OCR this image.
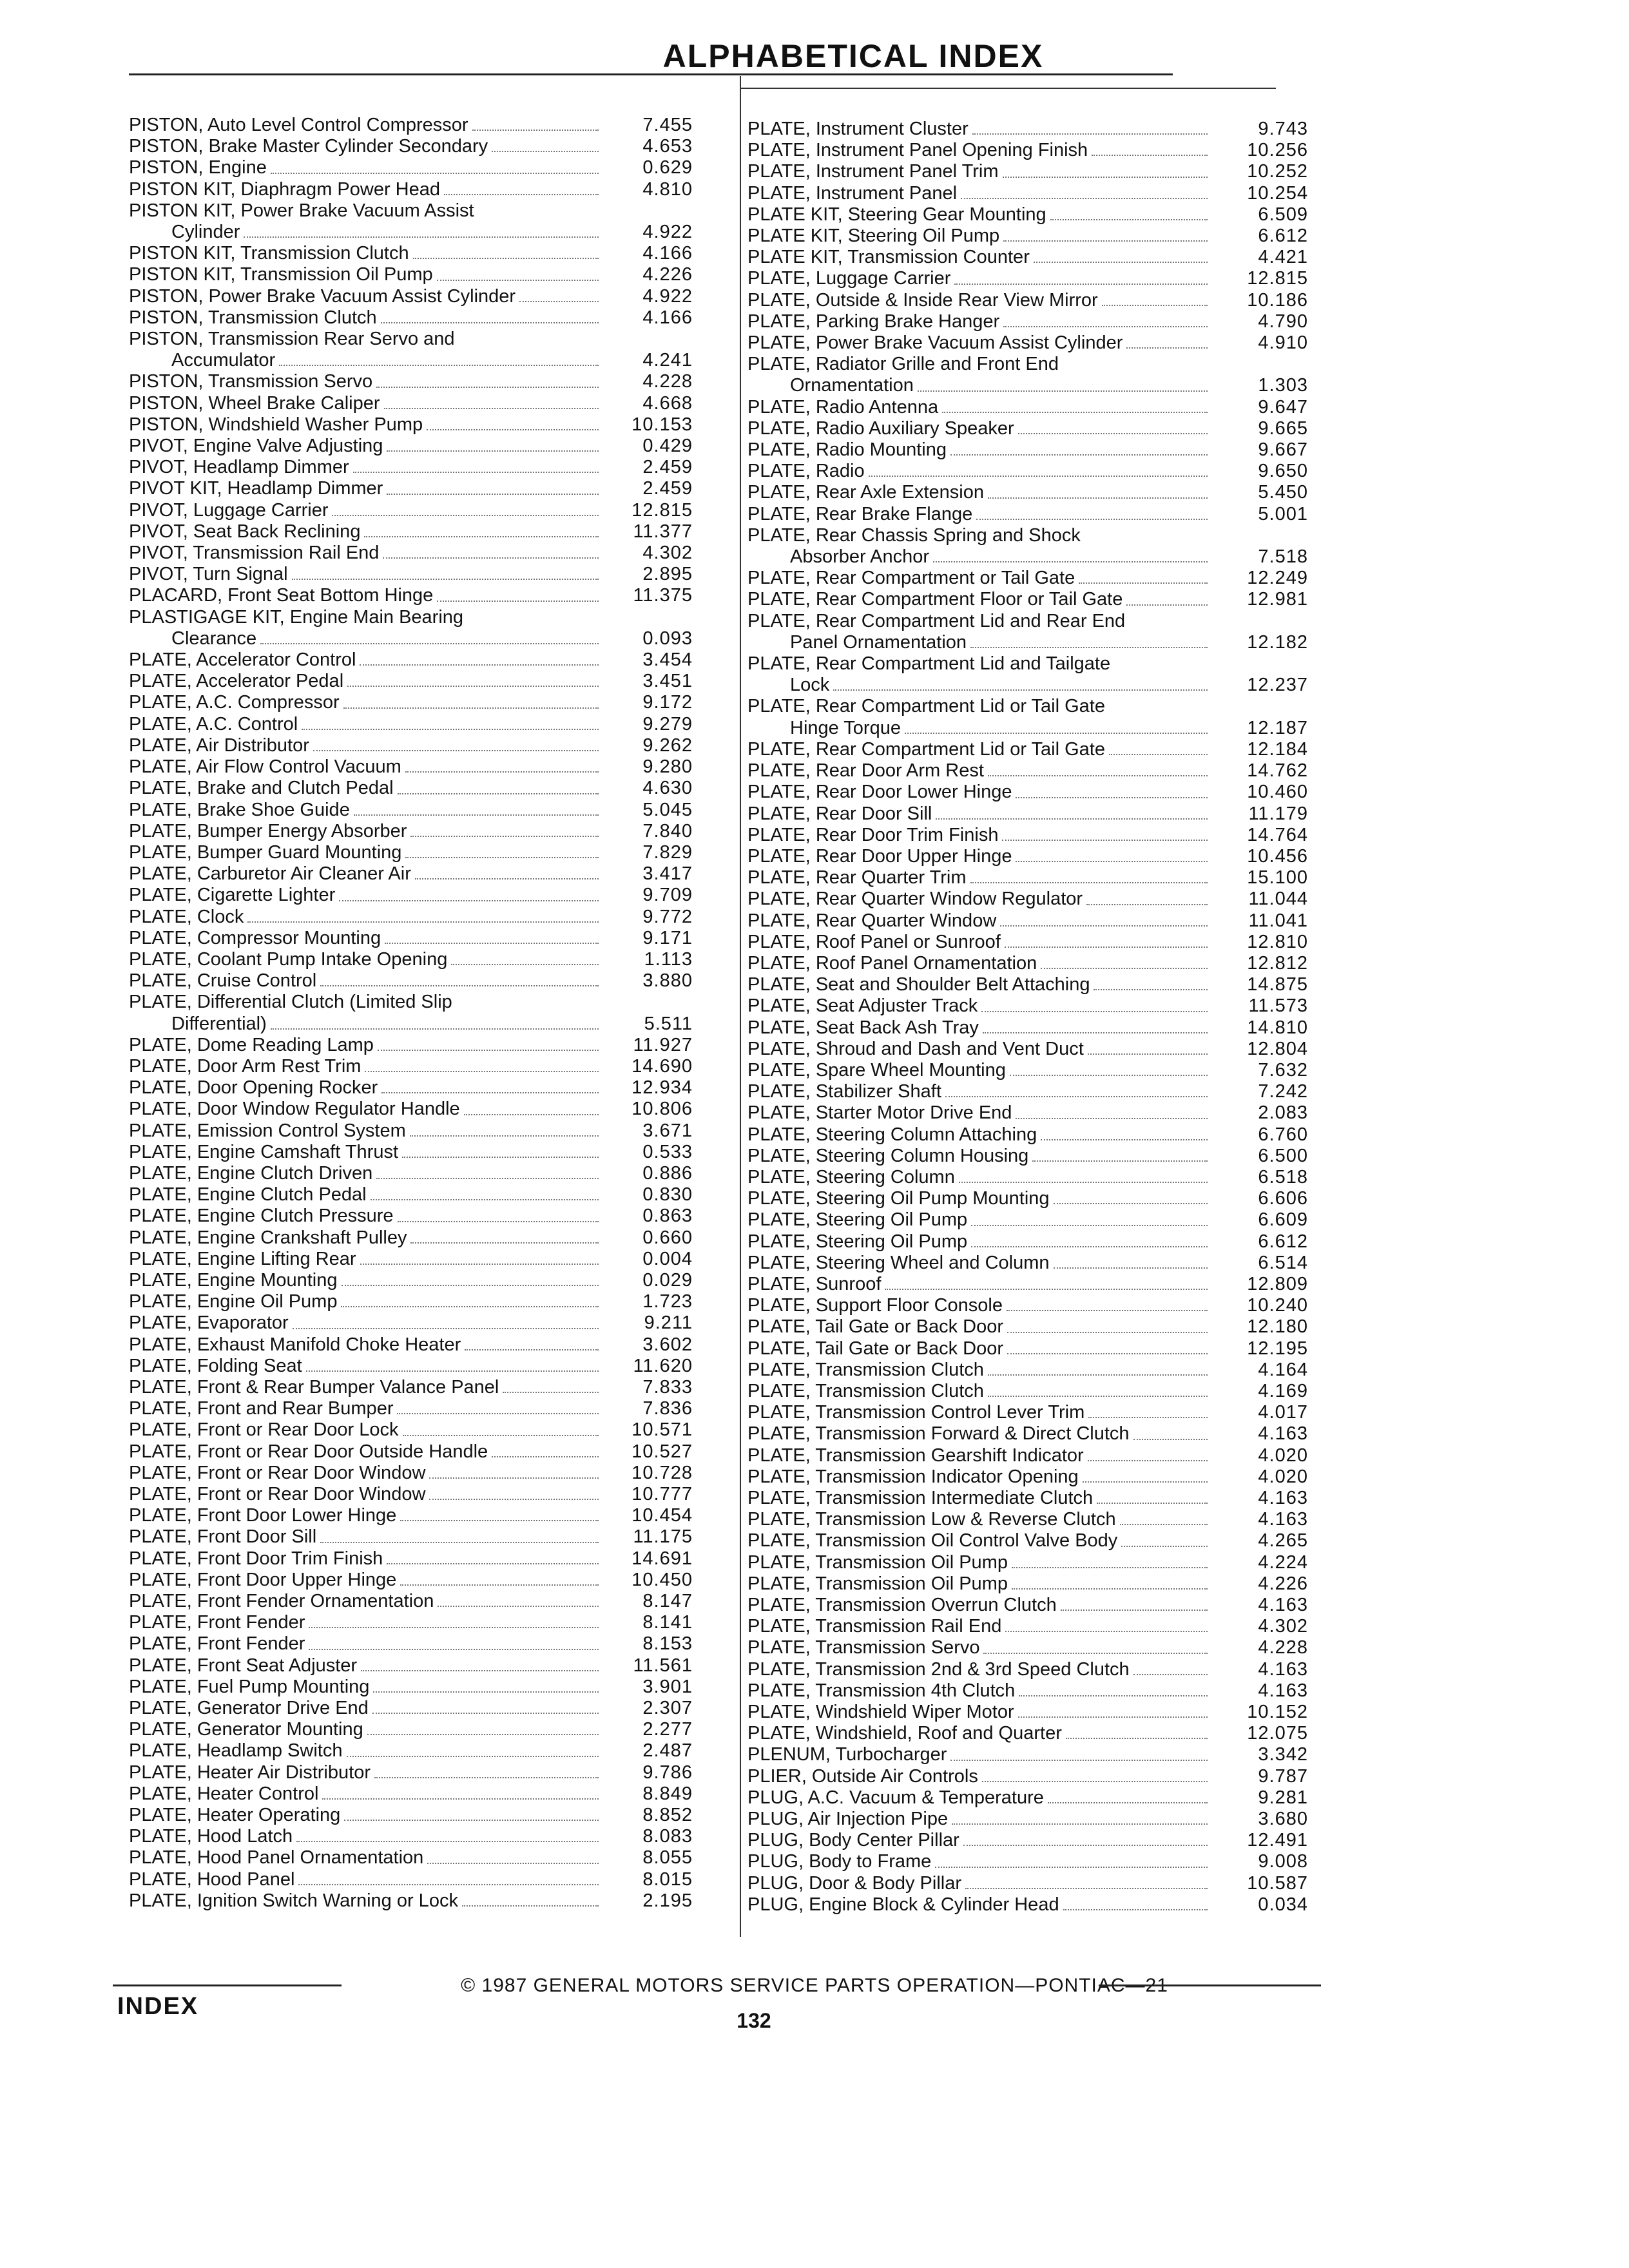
ALPHABETICAL INDEX
PISTON, Auto Level Control Compressor	7.455
PISTON, Brake Master Cylinder Secondary	4.653
PISTON, Engine	0.629
PISTON KIT, Diaphragm Power Head	4.810
PISTON KIT, Power Brake Vacuum Assist
Cylinder	4.922
PISTON KIT, Transmission Clutch	4.166
PISTON KIT, Transmission Oil Pump	4.226
PISTON, Power Brake Vacuum Assist Cylinder	4.922
PISTON, Transmission Clutch	4.166
PISTON, Transmission Rear Servo and
Accumulator	4.241
PISTON, Transmission Servo	4.228
PISTON, Wheel Brake Caliper	4.668
PISTON, Windshield Washer Pump	10.153
PIVOT, Engine Valve Adjusting	0.429
PIVOT, Headlamp Dimmer	2.459
PIVOT KIT, Headlamp Dimmer	2.459
PIVOT, Luggage Carrier	12.815
PIVOT, Seat Back Reclining	11.377
PIVOT, Transmission Rail End	4.302
PIVOT, Turn Signal	2.895
PLACARD, Front Seat Bottom Hinge	11.375
PLASTIGAGE KIT, Engine Main Bearing
Clearance	0.093
PLATE, Accelerator Control	3.454
PLATE, Accelerator Pedal	3.451
PLATE, A.C. Compressor	9.172
PLATE, A.C. Control	9.279
PLATE, Air Distributor	9.262
PLATE, Air Flow Control Vacuum	9.280
PLATE, Brake and Clutch Pedal	4.630
PLATE, Brake Shoe Guide	5.045
PLATE, Bumper Energy Absorber	7.840
PLATE, Bumper Guard Mounting	7.829
PLATE, Carburetor Air Cleaner Air	3.417
PLATE, Cigarette Lighter	9.709
PLATE, Clock	9.772
PLATE, Compressor Mounting	9.171
PLATE, Coolant Pump Intake Opening	1.113
PLATE, Cruise Control	3.880
PLATE, Differential Clutch (Limited Slip
Differential)	5.511
PLATE, Dome Reading Lamp	11.927
PLATE, Door Arm Rest Trim	14.690
PLATE, Door Opening Rocker	12.934
PLATE, Door Window Regulator Handle	10.806
PLATE, Emission Control System	3.671
PLATE, Engine Camshaft Thrust	0.533
PLATE, Engine Clutch Driven	0.886
PLATE, Engine Clutch Pedal	0.830
PLATE, Engine Clutch Pressure	0.863
PLATE, Engine Crankshaft Pulley	0.660
PLATE, Engine Lifting Rear	0.004
PLATE, Engine Mounting	0.029
PLATE, Engine Oil Pump	1.723
PLATE, Evaporator	9.211
PLATE, Exhaust Manifold Choke Heater	3.602
PLATE, Folding Seat	11.620
PLATE, Front & Rear Bumper Valance Panel	7.833
PLATE, Front and Rear Bumper	7.836
PLATE, Front or Rear Door Lock	10.571
PLATE, Front or Rear Door Outside Handle	10.527
PLATE, Front or Rear Door Window	10.728
PLATE, Front or Rear Door Window	10.777
PLATE, Front Door Lower Hinge	10.454
PLATE, Front Door Sill	11.175
PLATE, Front Door Trim Finish	14.691
PLATE, Front Door Upper Hinge	10.450
PLATE, Front Fender Ornamentation	8.147
PLATE, Front Fender	8.141
PLATE, Front Fender	8.153
PLATE, Front Seat Adjuster	11.561
PLATE, Fuel Pump Mounting	3.901
PLATE, Generator Drive End	2.307
PLATE, Generator Mounting	2.277
PLATE, Headlamp Switch	2.487
PLATE, Heater Air Distributor	9.786
PLATE, Heater Control	8.849
PLATE, Heater Operating	8.852
PLATE, Hood Latch	8.083
PLATE, Hood Panel Ornamentation	8.055
PLATE, Hood Panel	8.015
PLATE, Ignition Switch Warning or Lock	2.195
PLATE, Instrument Cluster	9.743
PLATE, Instrument Panel Opening Finish	10.256
PLATE, Instrument Panel Trim	10.252
PLATE, Instrument Panel	10.254
PLATE KIT, Steering Gear Mounting	6.509
PLATE KIT, Steering Oil Pump	6.612
PLATE KIT, Transmission Counter	4.421
PLATE, Luggage Carrier	12.815
PLATE, Outside & Inside Rear View Mirror	10.186
PLATE, Parking Brake Hanger	4.790
PLATE, Power Brake Vacuum Assist Cylinder	4.910
PLATE, Radiator Grille and Front End
Ornamentation	1.303
PLATE, Radio Antenna	9.647
PLATE, Radio Auxiliary Speaker	9.665
PLATE, Radio Mounting	9.667
PLATE, Radio	9.650
PLATE, Rear Axle Extension	5.450
PLATE, Rear Brake Flange	5.001
PLATE, Rear Chassis Spring and Shock
Absorber Anchor	7.518
PLATE, Rear Compartment or Tail Gate	12.249
PLATE, Rear Compartment Floor or Tail Gate	12.981
PLATE, Rear Compartment Lid and Rear End
Panel Ornamentation	12.182
PLATE, Rear Compartment Lid and Tailgate
Lock	12.237
PLATE, Rear Compartment Lid or Tail Gate
Hinge Torque	12.187
PLATE, Rear Compartment Lid or Tail Gate	12.184
PLATE, Rear Door Arm Rest	14.762
PLATE, Rear Door Lower Hinge	10.460
PLATE, Rear Door Sill	11.179
PLATE, Rear Door Trim Finish	14.764
PLATE, Rear Door Upper Hinge	10.456
PLATE, Rear Quarter Trim	15.100
PLATE, Rear Quarter Window Regulator	11.044
PLATE, Rear Quarter Window	11.041
PLATE, Roof Panel or Sunroof	12.810
PLATE, Roof Panel Ornamentation	12.812
PLATE, Seat and Shoulder Belt Attaching	14.875
PLATE, Seat Adjuster Track	11.573
PLATE, Seat Back Ash Tray	14.810
PLATE, Shroud and Dash and Vent Duct	12.804
PLATE, Spare Wheel Mounting	7.632
PLATE, Stabilizer Shaft	7.242
PLATE, Starter Motor Drive End	2.083
PLATE, Steering Column Attaching	6.760
PLATE, Steering Column Housing	6.500
PLATE, Steering Column	6.518
PLATE, Steering Oil Pump Mounting	6.606
PLATE, Steering Oil Pump	6.609
PLATE, Steering Oil Pump	6.612
PLATE, Steering Wheel and Column	6.514
PLATE, Sunroof	12.809
PLATE, Support Floor Console	10.240
PLATE, Tail Gate or Back Door	12.180
PLATE, Tail Gate or Back Door	12.195
PLATE, Transmission Clutch	4.164
PLATE, Transmission Clutch	4.169
PLATE, Transmission Control Lever Trim	4.017
PLATE, Transmission Forward & Direct Clutch	4.163
PLATE, Transmission Gearshift Indicator	4.020
PLATE, Transmission Indicator Opening	4.020
PLATE, Transmission Intermediate Clutch	4.163
PLATE, Transmission Low & Reverse Clutch	4.163
PLATE, Transmission Oil Control Valve Body	4.265
PLATE, Transmission Oil Pump	4.224
PLATE, Transmission Oil Pump	4.226
PLATE, Transmission Overrun Clutch	4.163
PLATE, Transmission Rail End	4.302
PLATE, Transmission Servo	4.228
PLATE, Transmission 2nd & 3rd Speed Clutch	4.163
PLATE, Transmission 4th Clutch	4.163
PLATE, Windshield Wiper Motor	10.152
PLATE, Windshield, Roof and Quarter	12.075
PLENUM, Turbocharger	3.342
PLIER, Outside Air Controls	9.787
PLUG, A.C. Vacuum & Temperature	9.281
PLUG, Air Injection Pipe	3.680
PLUG, Body Center Pillar	12.491
PLUG, Body to Frame	9.008
PLUG, Door & Body Pillar	10.587
PLUG, Engine Block & Cylinder Head	0.034
© 1987 GENERAL MOTORS SERVICE PARTS OPERATION—PONTIAC—21
INDEX
132
